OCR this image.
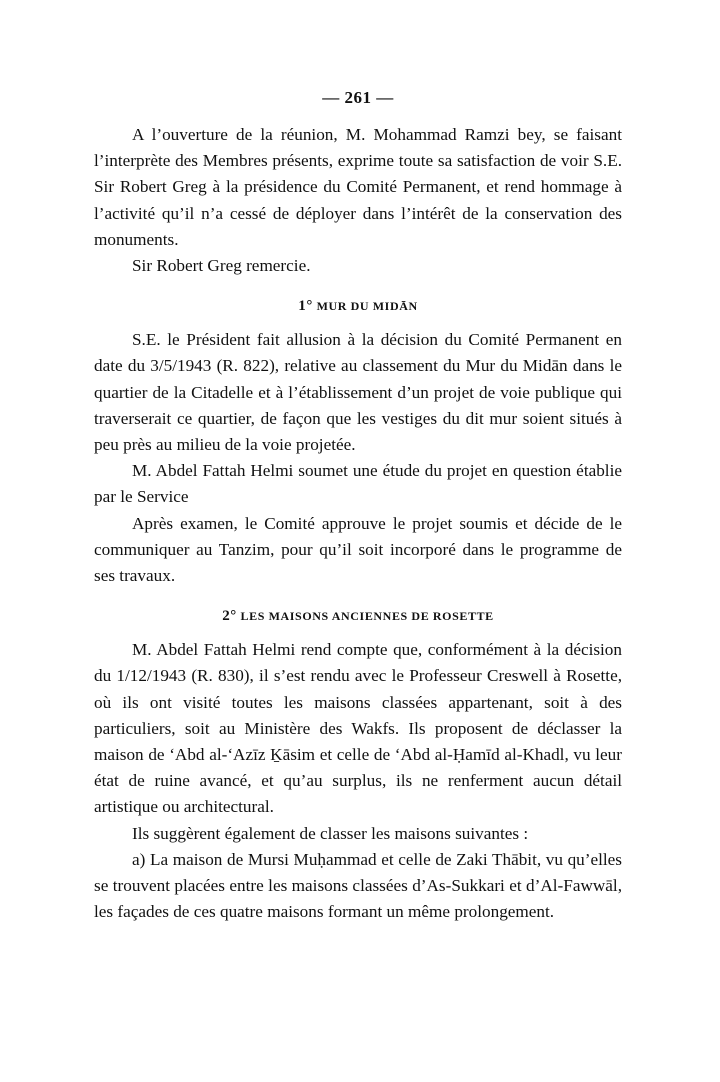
— 261 —

A l’ouverture de la réunion, M. Mohammad Ramzi bey, se faisant l’interprète des Membres présents, exprime toute sa satisfaction de voir S.E. Sir Robert Greg à la présidence du Comité Permanent, et rend hommage à l’activité qu’il n’a cessé de déployer dans l’intérêt de la conservation des monuments.

Sir Robert Greg remercie.

1° MUR DU MIDĀN

S.E. le Président fait allusion à la décision du Comité Permanent en date du 3/5/1943 (R. 822), relative au classement du Mur du Midān dans le quartier de la Citadelle et à l’établissement d’un projet de voie publique qui traverserait ce quartier, de façon que les vestiges du dit mur soient situés à peu près au milieu de la voie projetée.

M. Abdel Fattah Helmi soumet une étude du projet en question établie par le Service

Après examen, le Comité approuve le projet soumis et décide de le communiquer au Tanzim, pour qu’il soit incorporé dans le programme de ses travaux.

2° LES MAISONS ANCIENNES DE ROSETTE

M. Abdel Fattah Helmi rend compte que, conformément à la décision du 1/12/1943 (R. 830), il s’est rendu avec le Professeur Creswell à Rosette, où ils ont visité toutes les maisons classées appartenant, soit à des particuliers, soit au Ministère des Wakfs. Ils proposent de déclasser la maison de ‘Abd al-‘Azīz Ḵāsim et celle de ‘Abd al-Ḥamīd al-Khadl, vu leur état de ruine avancé, et qu’au surplus, ils ne renferment aucun détail artistique ou architectural.

Ils suggèrent également de classer les maisons suivantes :

a) La maison de Mursi Muḥammad et celle de Zaki Thābit, vu qu’elles se trouvent placées entre les maisons classées d’As-Sukkari et d’Al-Fawwāl, les façades de ces quatre maisons formant un même prolongement.
